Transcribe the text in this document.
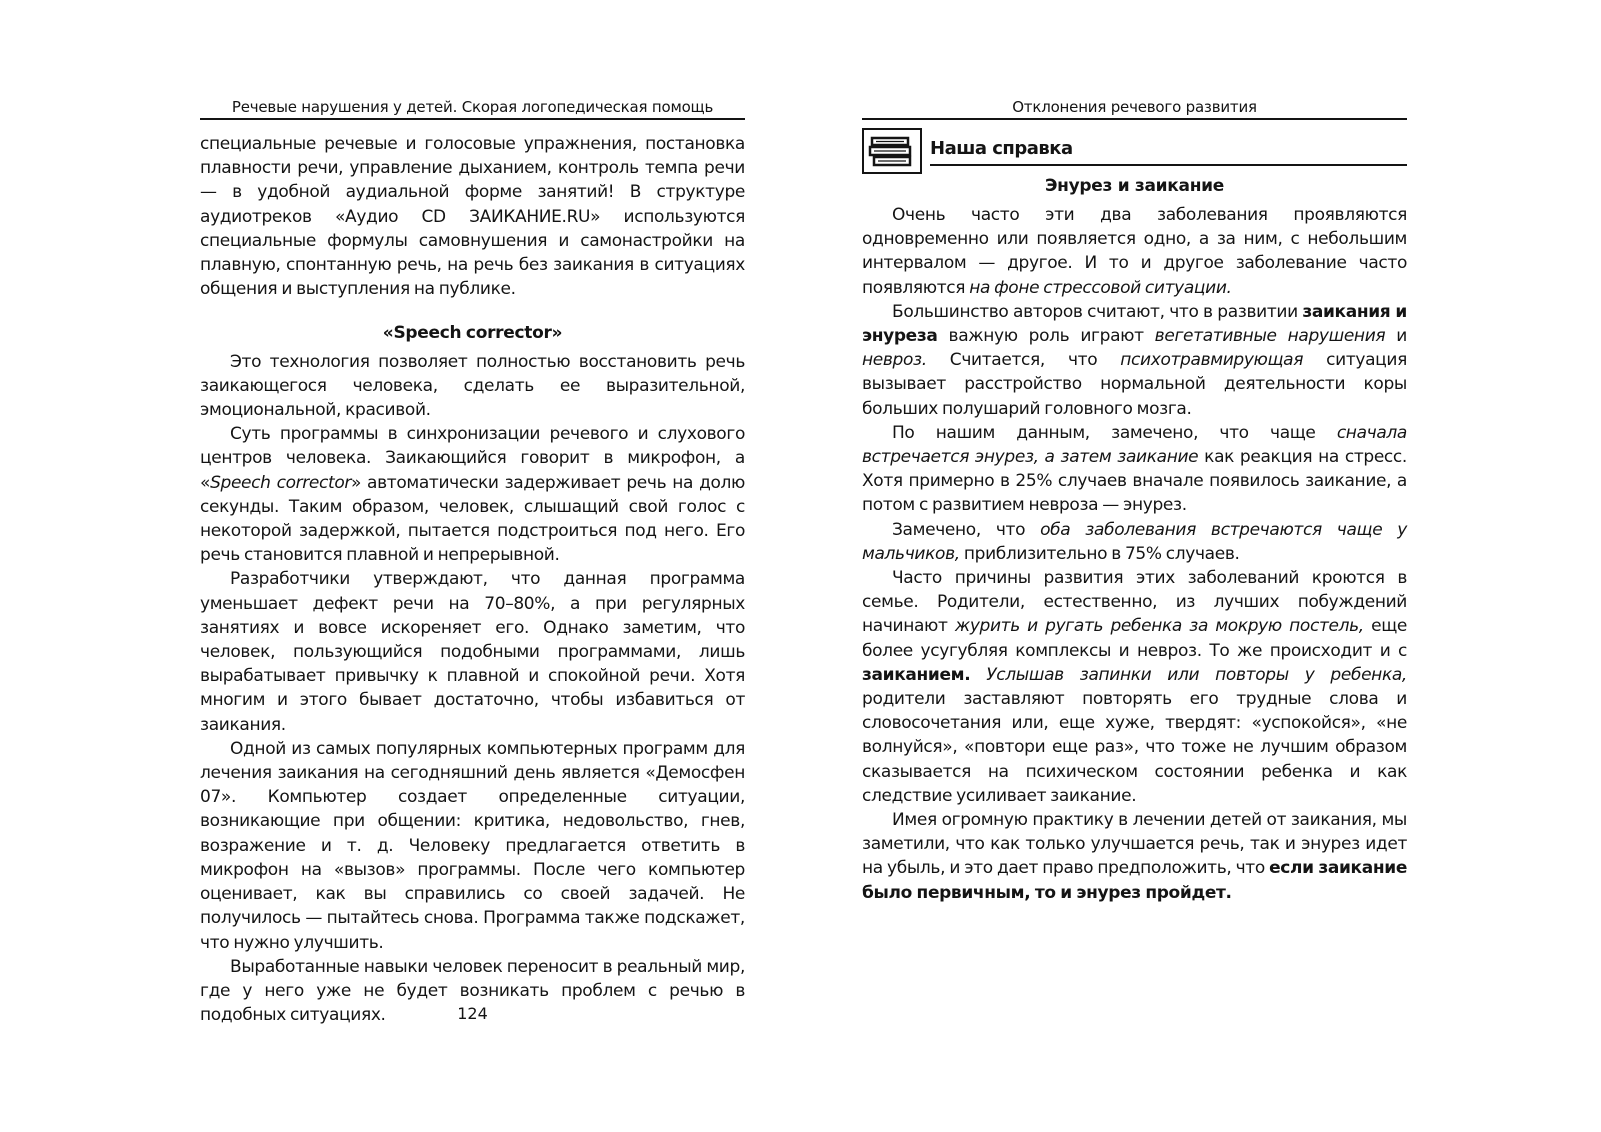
Речевые нарушения у детей. Скорая логопедическая помощь

специальные речевые и голосовые упражнения, постановка плавности речи, управление дыханием, контроль темпа речи — в удобной аудиальной форме занятий! В структуре аудиотреков «Аудио CD ЗАИКАНИЕ.RU» используются специальные формулы самовнушения и самонастройки на плавную, спонтанную речь, на речь без заикания в ситуациях общения и выступления на публике.

«Speech corrector»

Это технология позволяет полностью восстановить речь заикающегося человека, сделать ее выразительной, эмоциональной, красивой.

Суть программы в синхронизации речевого и слухового центров человека. Заикающийся говорит в микрофон, а «Speech corrector» автоматически задерживает речь на долю секунды. Таким образом, человек, слышащий свой голос с некоторой задержкой, пытается подстроиться под него. Его речь становится плавной и непрерывной.

Разработчики утверждают, что данная программа уменьшает дефект речи на 70–80%, а при регулярных занятиях и вовсе искореняет его. Однако заметим, что человек, пользующийся подобными программами, лишь вырабатывает привычку к плавной и спокойной речи. Хотя многим и этого бывает достаточно, чтобы избавиться от заикания.

Одной из самых популярных компьютерных программ для лечения заикания на сегодняшний день является «Демосфен 07». Компьютер создает определенные ситуации, возникающие при общении: критика, недовольство, гнев, возражение и т. д. Человеку предлагается ответить в микрофон на «вызов» программы. После чего компьютер оценивает, как вы справились со своей задачей. Не получилось — пытайтесь снова. Программа также подскажет, что нужно улучшить.

Выработанные навыки человек переносит в реальный мир, где у него уже не будет возникать проблем с речью в подобных ситуациях.	124
Отклонения речевого развития
Наша справка
Энурез и заикание

Очень часто эти два заболевания проявляются одновременно или появляется одно, а за ним, с небольшим интервалом — другое. И то и другое заболевание часто появляются на фоне стрессовой ситуации.

Большинство авторов считают, что в развитии заикания и энуреза важную роль играют вегетативные нарушения и невроз. Считается, что психотравмирующая ситуация вызывает расстройство нормальной деятельности коры больших полушарий головного мозга.

По нашим данным, замечено, что чаще сначала встречается энурез, а затем заикание как реакция на стресс. Хотя примерно в 25% случаев вначале появилось заикание, а потом с развитием невроза — энурез.

Замечено, что оба заболевания встречаются чаще у мальчиков, приблизительно в 75% случаев.

Часто причины развития этих заболеваний кроются в семье. Родители, естественно, из лучших побуждений начинают журить и ругать ребенка за мокрую постель, еще более усугубляя комплексы и невроз. То же происходит и с заиканием. Услышав запинки или повторы у ребенка, родители заставляют повторять его трудные слова и словосочетания или, еще хуже, твердят: «успокойся», «не волнуйся», «повтори еще раз», что тоже не лучшим образом сказывается на психическом состоянии ребенка и как следствие усиливает заикание.

Имея огромную практику в лечении детей от заикания, мы заметили, что как только улучшается речь, так и энурез идет на убыль, и это дает право предположить, что если заикание было первичным, то и энурез пройдет.
